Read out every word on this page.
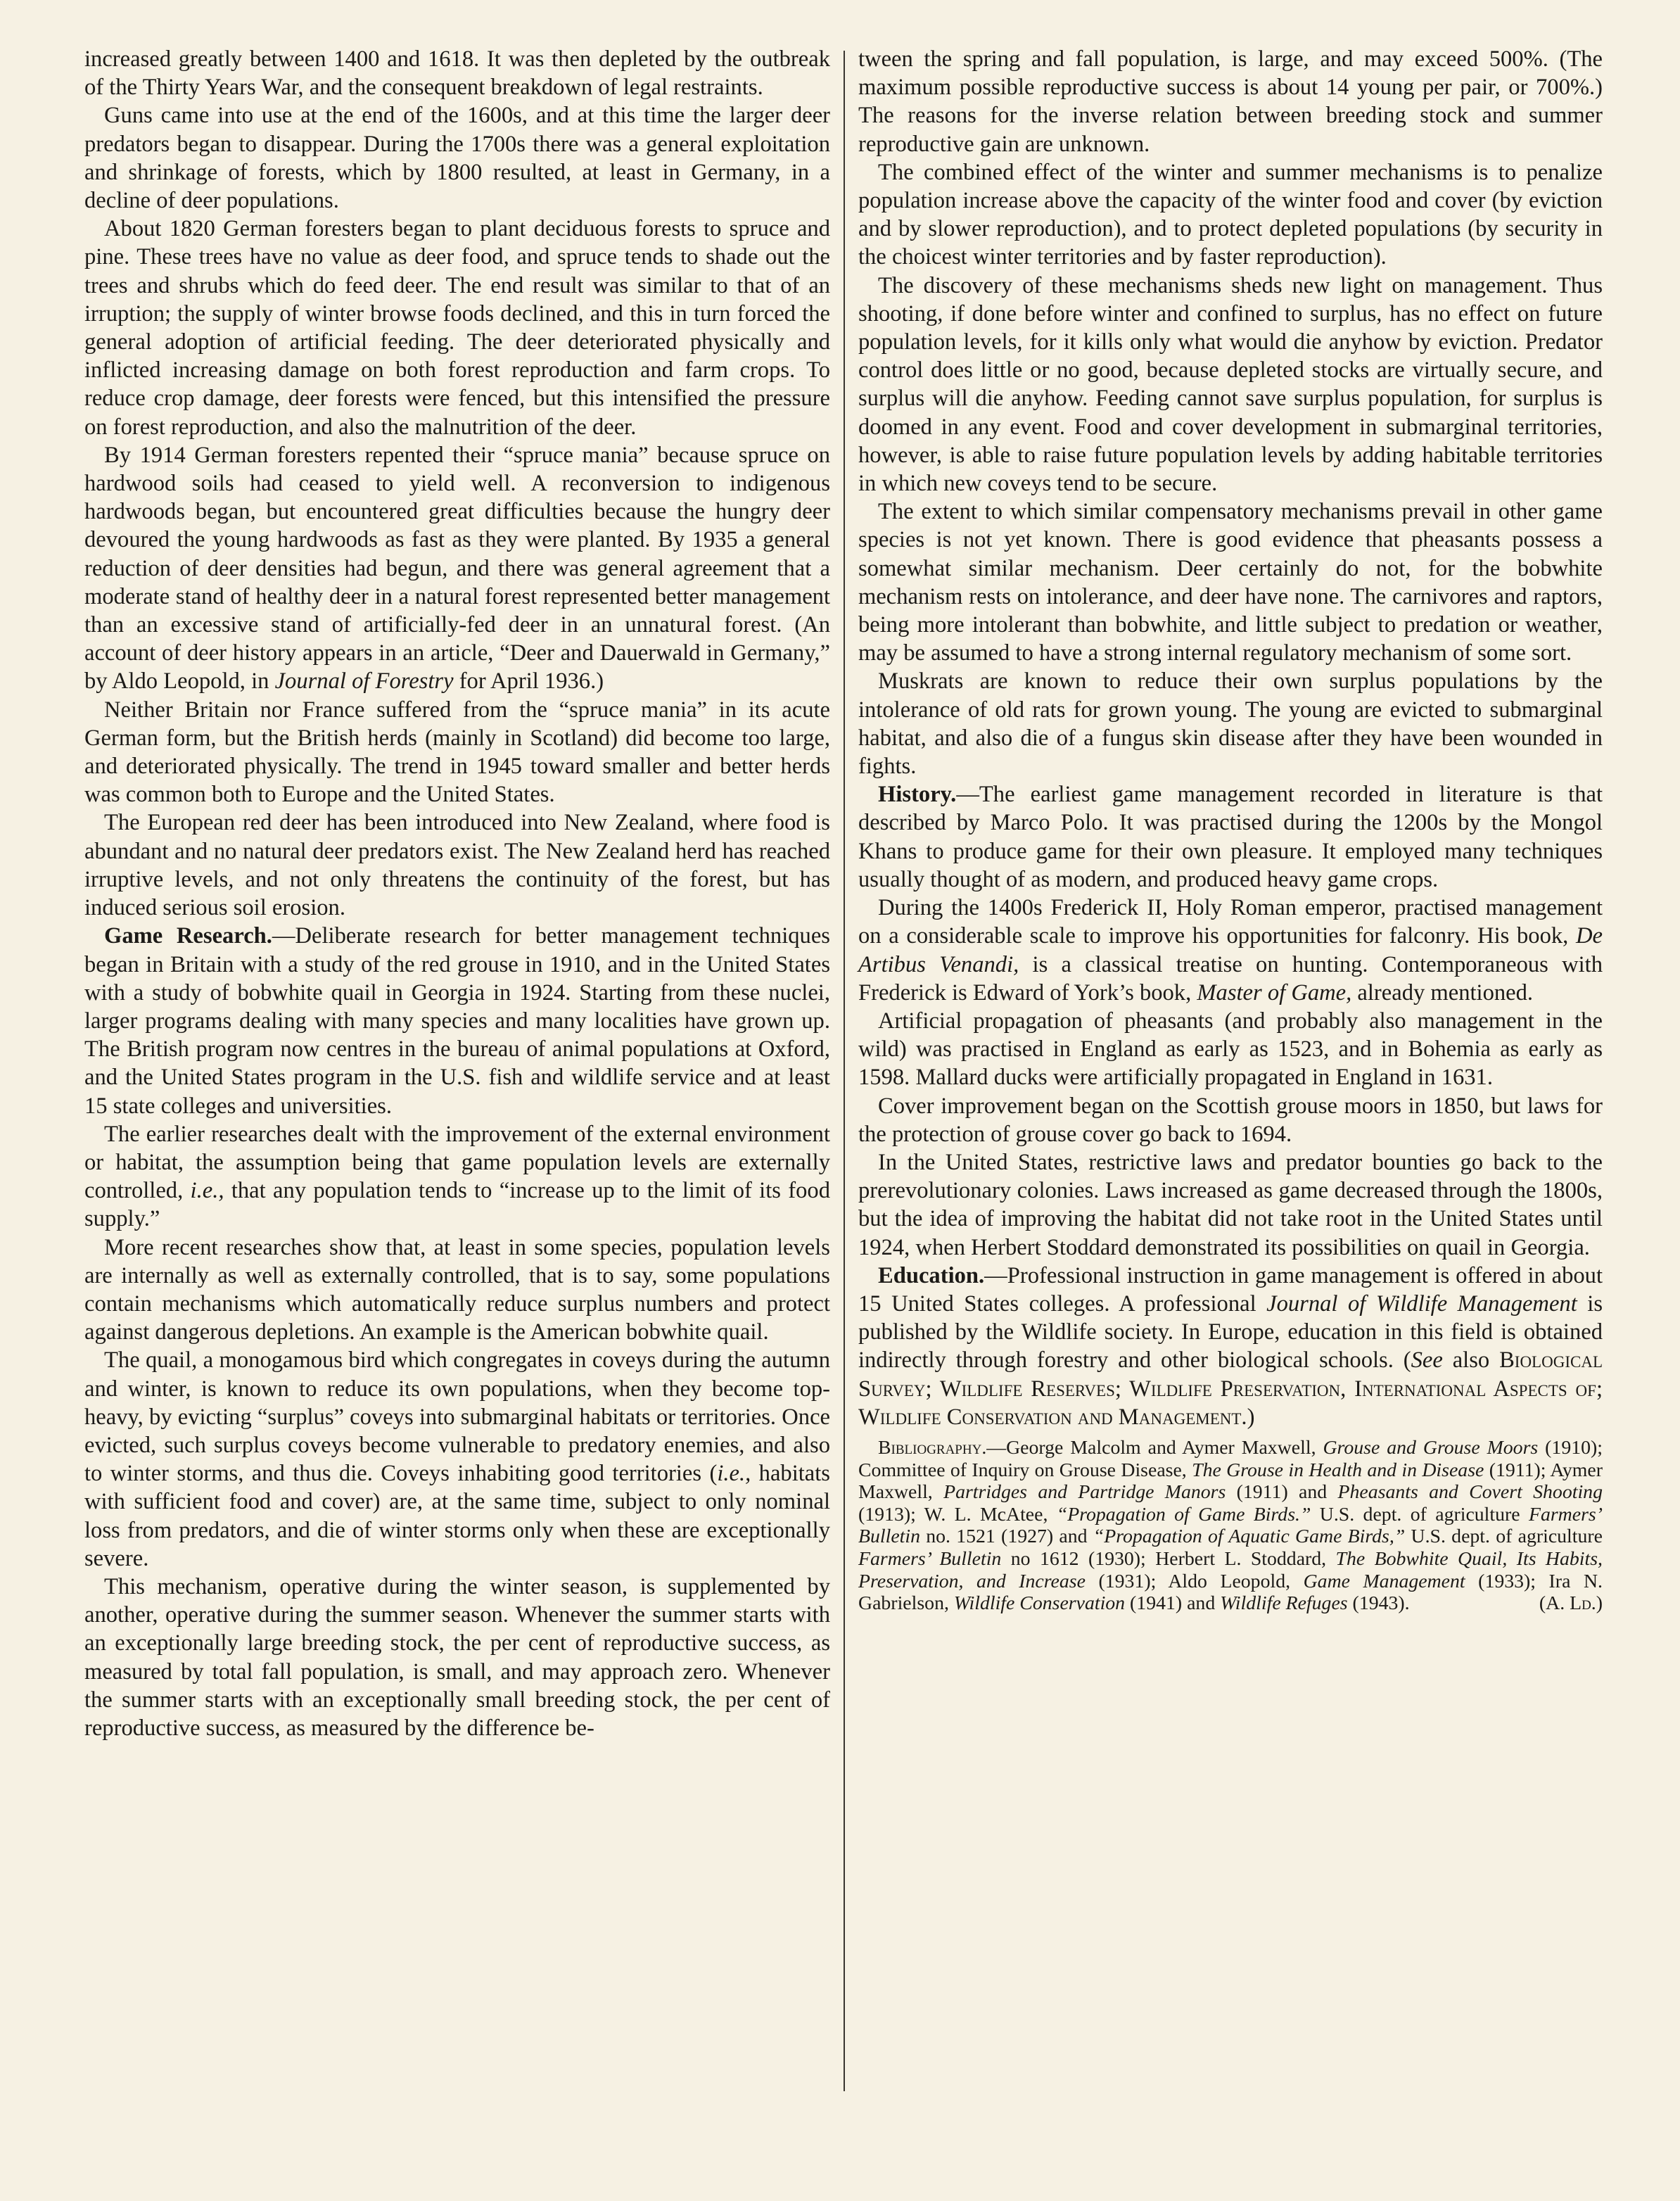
increased greatly between 1400 and 1618. It was then depleted by the outbreak of the Thirty Years War, and the consequent breakdown of legal restraints.

Guns came into use at the end of the 1600s, and at this time the larger deer predators began to disappear. During the 1700s there was a general exploitation and shrinkage of forests, which by 1800 resulted, at least in Germany, in a decline of deer populations.

About 1820 German foresters began to plant deciduous forests to spruce and pine. These trees have no value as deer food, and spruce tends to shade out the trees and shrubs which do feed deer. The end result was similar to that of an irruption; the supply of winter browse foods declined, and this in turn forced the general adoption of artificial feeding. The deer deteriorated physically and inflicted increasing damage on both forest reproduction and farm crops. To reduce crop damage, deer forests were fenced, but this intensified the pressure on forest reproduction, and also the malnutrition of the deer.

By 1914 German foresters repented their “spruce mania” because spruce on hardwood soils had ceased to yield well. A reconversion to indigenous hardwoods began, but encountered great difficulties because the hungry deer devoured the young hardwoods as fast as they were planted. By 1935 a general reduction of deer densities had begun, and there was general agreement that a moderate stand of healthy deer in a natural forest represented better management than an excessive stand of artificially-fed deer in an unnatural forest. (An account of deer history appears in an article, “Deer and Dauerwald in Germany,” by Aldo Leopold, in Journal of Forestry for April 1936.)

Neither Britain nor France suffered from the “spruce mania” in its acute German form, but the British herds (mainly in Scotland) did become too large, and deteriorated physically. The trend in 1945 toward smaller and better herds was common both to Europe and the United States.

The European red deer has been introduced into New Zealand, where food is abundant and no natural deer predators exist. The New Zealand herd has reached irruptive levels, and not only threatens the continuity of the forest, but has induced serious soil erosion.

Game Research.—Deliberate research for better management techniques began in Britain with a study of the red grouse in 1910, and in the United States with a study of bobwhite quail in Georgia in 1924. Starting from these nuclei, larger programs dealing with many species and many localities have grown up. The British program now centres in the bureau of animal populations at Oxford, and the United States program in the U.S. fish and wildlife service and at least 15 state colleges and universities.

The earlier researches dealt with the improvement of the external environment or habitat, the assumption being that game population levels are externally controlled, i.e., that any population tends to “increase up to the limit of its food supply.”

More recent researches show that, at least in some species, population levels are internally as well as externally controlled, that is to say, some populations contain mechanisms which automatically reduce surplus numbers and protect against dangerous depletions. An example is the American bobwhite quail.

The quail, a monogamous bird which congregates in coveys during the autumn and winter, is known to reduce its own populations, when they become top-heavy, by evicting “surplus” coveys into submarginal habitats or territories. Once evicted, such surplus coveys become vulnerable to predatory enemies, and also to winter storms, and thus die. Coveys inhabiting good territories (i.e., habitats with sufficient food and cover) are, at the same time, subject to only nominal loss from predators, and die of winter storms only when these are exceptionally severe.

This mechanism, operative during the winter season, is supplemented by another, operative during the summer season. Whenever the summer starts with an exceptionally large breeding stock, the per cent of reproductive success, as measured by total fall population, is small, and may approach zero. Whenever the summer starts with an exceptionally small breeding stock, the per cent of reproductive success, as measured by the difference be-

tween the spring and fall population, is large, and may exceed 500%. (The maximum possible reproductive success is about 14 young per pair, or 700%.) The reasons for the inverse relation between breeding stock and summer reproductive gain are unknown.

The combined effect of the winter and summer mechanisms is to penalize population increase above the capacity of the winter food and cover (by eviction and by slower reproduction), and to protect depleted populations (by security in the choicest winter territories and by faster reproduction).

The discovery of these mechanisms sheds new light on management. Thus shooting, if done before winter and confined to surplus, has no effect on future population levels, for it kills only what would die anyhow by eviction. Predator control does little or no good, because depleted stocks are virtually secure, and surplus will die anyhow. Feeding cannot save surplus population, for surplus is doomed in any event. Food and cover development in submarginal territories, however, is able to raise future population levels by adding habitable territories in which new coveys tend to be secure.

The extent to which similar compensatory mechanisms prevail in other game species is not yet known. There is good evidence that pheasants possess a somewhat similar mechanism. Deer certainly do not, for the bobwhite mechanism rests on intolerance, and deer have none. The carnivores and raptors, being more intolerant than bobwhite, and little subject to predation or weather, may be assumed to have a strong internal regulatory mechanism of some sort.

Muskrats are known to reduce their own surplus populations by the intolerance of old rats for grown young. The young are evicted to submarginal habitat, and also die of a fungus skin disease after they have been wounded in fights.

History.—The earliest game management recorded in literature is that described by Marco Polo. It was practised during the 1200s by the Mongol Khans to produce game for their own pleasure. It employed many techniques usually thought of as modern, and produced heavy game crops.

During the 1400s Frederick II, Holy Roman emperor, practised management on a considerable scale to improve his opportunities for falconry. His book, De Artibus Venandi, is a classical treatise on hunting. Contemporaneous with Frederick is Edward of York’s book, Master of Game, already mentioned.

Artificial propagation of pheasants (and probably also management in the wild) was practised in England as early as 1523, and in Bohemia as early as 1598. Mallard ducks were artificially propagated in England in 1631.

Cover improvement began on the Scottish grouse moors in 1850, but laws for the protection of grouse cover go back to 1694.

In the United States, restrictive laws and predator bounties go back to the prerevolutionary colonies. Laws increased as game decreased through the 1800s, but the idea of improving the habitat did not take root in the United States until 1924, when Herbert Stoddard demonstrated its possibilities on quail in Georgia.

Education.—Professional instruction in game management is offered in about 15 United States colleges. A professional Journal of Wildlife Management is published by the Wildlife society. In Europe, education in this field is obtained indirectly through forestry and other biological schools. (See also Biological Survey; Wildlife Reserves; Wildlife Preservation, International Aspects of; Wildlife Conservation and Management.)

Bibliography.—George Malcolm and Aymer Maxwell, Grouse and Grouse Moors (1910); Committee of Inquiry on Grouse Disease, The Grouse in Health and in Disease (1911); Aymer Maxwell, Partridges and Partridge Manors (1911) and Pheasants and Covert Shooting (1913); W. L. McAtee, “Propagation of Game Birds.” U.S. dept. of agriculture Farmers’ Bulletin no. 1521 (1927) and “Propagation of Aquatic Game Birds,” U.S. dept. of agriculture Farmers’ Bulletin no 1612 (1930); Herbert L. Stoddard, The Bobwhite Quail, Its Habits, Preservation, and Increase (1931); Aldo Leopold, Game Management (1933); Ira N. Gabrielson, Wildlife Conservation (1941) and Wildlife Refuges (1943).	(A. Ld.)
